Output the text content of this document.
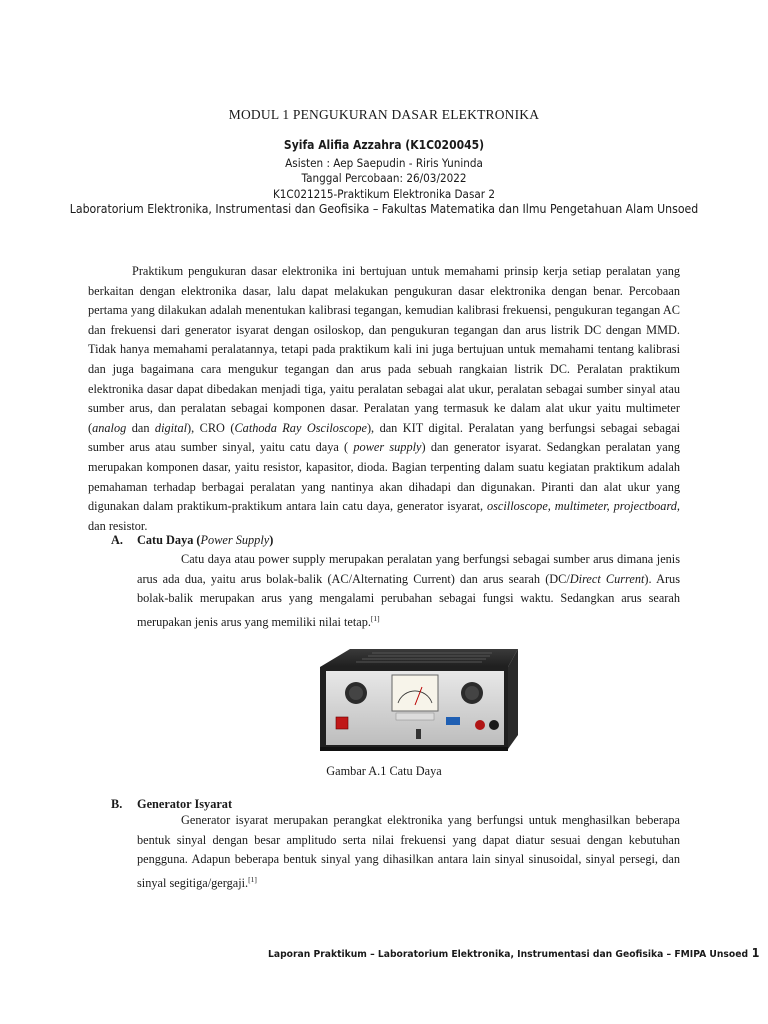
MODUL 1 PENGUKURAN DASAR ELEKTRONIKA
Syifa Alifia Azzahra (K1C020045)
Asisten : Aep Saepudin - Riris Yuninda
Tanggal Percobaan: 26/03/2022
K1C021215-Praktikum Elektronika Dasar 2
Laboratorium Elektronika, Instrumentasi dan Geofisika – Fakultas Matematika dan Ilmu Pengetahuan Alam Unsoed

Praktikum pengukuran dasar elektronika ini bertujuan untuk memahami prinsip kerja setiap peralatan yang berkaitan dengan elektronika dasar, lalu dapat melakukan pengukuran dasar elektronika dengan benar. Percobaan pertama yang dilakukan adalah menentukan kalibrasi tegangan, kemudian kalibrasi frekuensi, pengukuran tegangan AC dan frekuensi dari generator isyarat dengan osiloskop, dan pengukuran tegangan dan arus listrik DC dengan MMD. Tidak hanya memahami peralatannya, tetapi pada praktikum kali ini juga bertujuan untuk memahami tentang kalibrasi dan juga bagaimana cara mengukur tegangan dan arus pada sebuah rangkaian listrik DC. Peralatan praktikum elektronika dasar dapat dibedakan menjadi tiga, yaitu peralatan sebagai alat ukur, peralatan sebagai sumber sinyal atau sumber arus, dan peralatan sebagai komponen dasar. Peralatan yang termasuk ke dalam alat ukur yaitu multimeter (analog dan digital), CRO (Cathoda Ray Osciloscope), dan KIT digital. Peralatan yang berfungsi sebagai sebagai sumber arus atau sumber sinyal, yaitu catu daya ( power supply) dan generator isyarat. Sedangkan peralatan yang merupakan komponen dasar, yaitu resistor, kapasitor, dioda. Bagian terpenting dalam suatu kegiatan praktikum adalah pemahaman terhadap berbagai peralatan yang nantinya akan dihadapi dan digunakan. Piranti dan alat ukur yang digunakan dalam praktikum-praktikum antara lain catu daya, generator isyarat, oscilloscope, multimeter, projectboard, dan resistor.

A. Catu Daya (Power Supply)

Catu daya atau power supply merupakan peralatan yang berfungsi sebagai sumber arus dimana jenis arus ada dua, yaitu arus bolak-balik (AC/Alternating Current) dan arus searah (DC/Direct Current). Arus bolak-balik merupakan arus yang mengalami perubahan sebagai fungsi waktu. Sedangkan arus searah merupakan jenis arus yang memiliki nilai tetap.[1]

Gambar A.1 Catu Daya
B. Generator Isyarat

Generator isyarat merupakan perangkat elektronika yang berfungsi untuk menghasilkan beberapa bentuk sinyal dengan besar amplitudo serta nilai frekuensi yang dapat diatur sesuai dengan kebutuhan pengguna. Adapun beberapa bentuk sinyal yang dihasilkan antara lain sinyal sinusoidal, sinyal persegi, dan sinyal segitiga/gergaji.[1]

Laporan Praktikum – Laboratorium Elektronika, Instrumentasi dan Geofisika – FMIPA Unsoed 1
